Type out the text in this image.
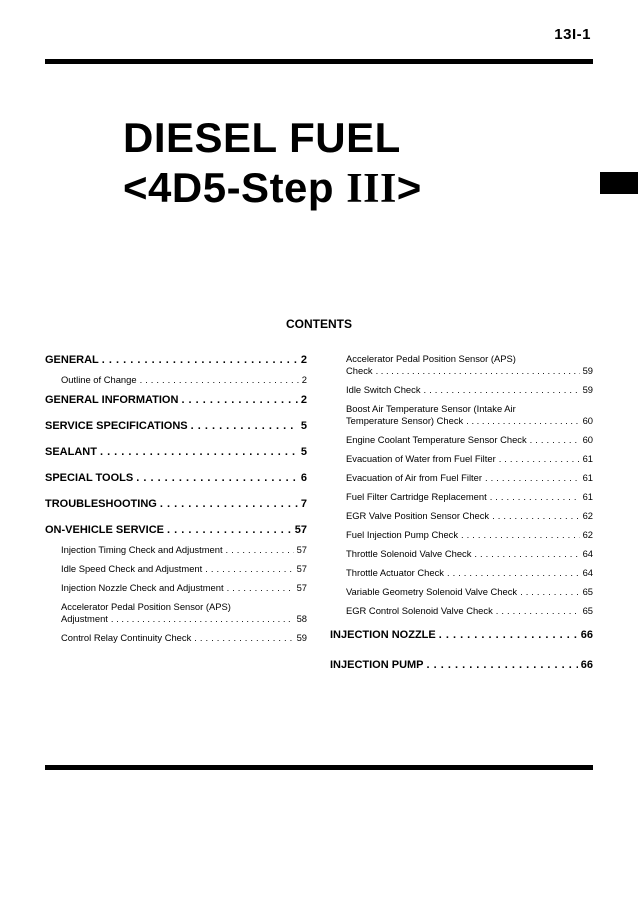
13I-1
DIESEL FUEL
<4D5-Step III>
CONTENTS
GENERAL . . .	2
Outline of Change . . .	2
GENERAL INFORMATION . . .	2
SERVICE SPECIFICATIONS . . .	5
SEALANT . . .	5
SPECIAL TOOLS . . .	6
TROUBLESHOOTING . . .	7
ON-VEHICLE SERVICE . . .	57
Injection Timing Check and Adjustment . . .	57
Idle Speed Check and Adjustment . . .	57
Injection Nozzle Check and Adjustment . . .	57
Accelerator Pedal Position Sensor (APS)
Adjustment . . .	58
Control Relay Continuity Check . . .	59
Accelerator Pedal Position Sensor (APS)
Check . . .	59
Idle Switch Check . . .	59
Boost Air Temperature Sensor (Intake Air
Temperature Sensor) Check . . .	60
Engine Coolant Temperature Sensor Check . . .	60
Evacuation of Water from Fuel Filter . . .	61
Evacuation of Air from Fuel Filter . . .	61
Fuel Filter Cartridge Replacement . . .	61
EGR Valve Position Sensor Check . . .	62
Fuel Injection Pump Check . . .	62
Throttle Solenoid Valve Check . . .	64
Throttle Actuator Check . . .	64
Variable Geometry Solenoid Valve Check . . .	65
EGR Control Solenoid Valve Check . . .	65
INJECTION NOZZLE . . .	66
INJECTION PUMP . . .	66
